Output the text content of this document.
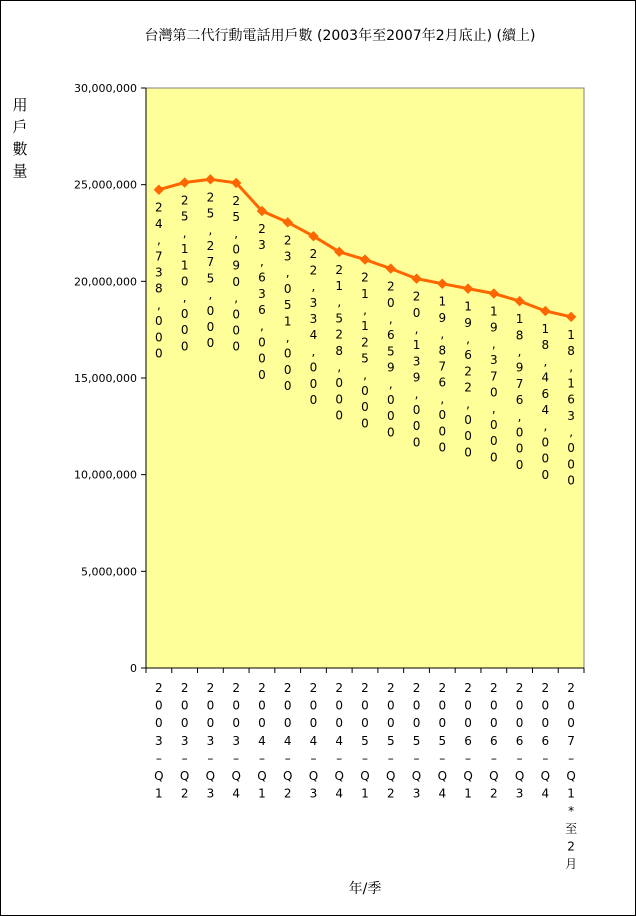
台灣第二代行動電話用戶數 (2003年至2007年2月底止) (續上)
用
戶
數
量
0
5,000,000
10,000,000
15,000,000
20,000,000
25,000,000
30,000,000
2 4 , 7 3 8 , 0 0 0
2 5 , 1 1 0 , 0 0 0
2 5 , 2 7 5 , 0 0 0
2 5 , 0 9 0 , 0 0 0
2 3 , 6 3 6 , 0 0 0
2 3 , 0 5 1 , 0 0 0
2 2 , 3 3 4 , 0 0 0
2 1 , 5 2 8 , 0 0 0
2 1 , 1 2 5 , 0 0 0
2 0 , 6 5 9 , 0 0 0
2 0 , 1 3 9 , 0 0 0
1 9 , 8 7 6 , 0 0 0
1 9 , 6 2 2 , 0 0 0
1 9 , 3 7 0 , 0 0 0
1 8 , 9 7 6 , 0 0 0
1 8 , 4 6 4 , 0 0 0
1 8 , 1 6 3 , 0 0 0
2 0 0 3 – Q 1
2 0 0 3 – Q 2
2 0 0 3 – Q 3
2 0 0 3 – Q 4
2 0 0 4 – Q 1
2 0 0 4 – Q 2
2 0 0 4 – Q 3
2 0 0 4 – Q 4
2 0 0 5 – Q 1
2 0 0 5 – Q 2
2 0 0 5 – Q 3
2 0 0 5 – Q 4
2 0 0 6 – Q 1
2 0 0 6 – Q 2
2 0 0 6 – Q 3
2 0 0 6 – Q 4
2 0 0 7 – Q 1 *至 2 月
年/季
